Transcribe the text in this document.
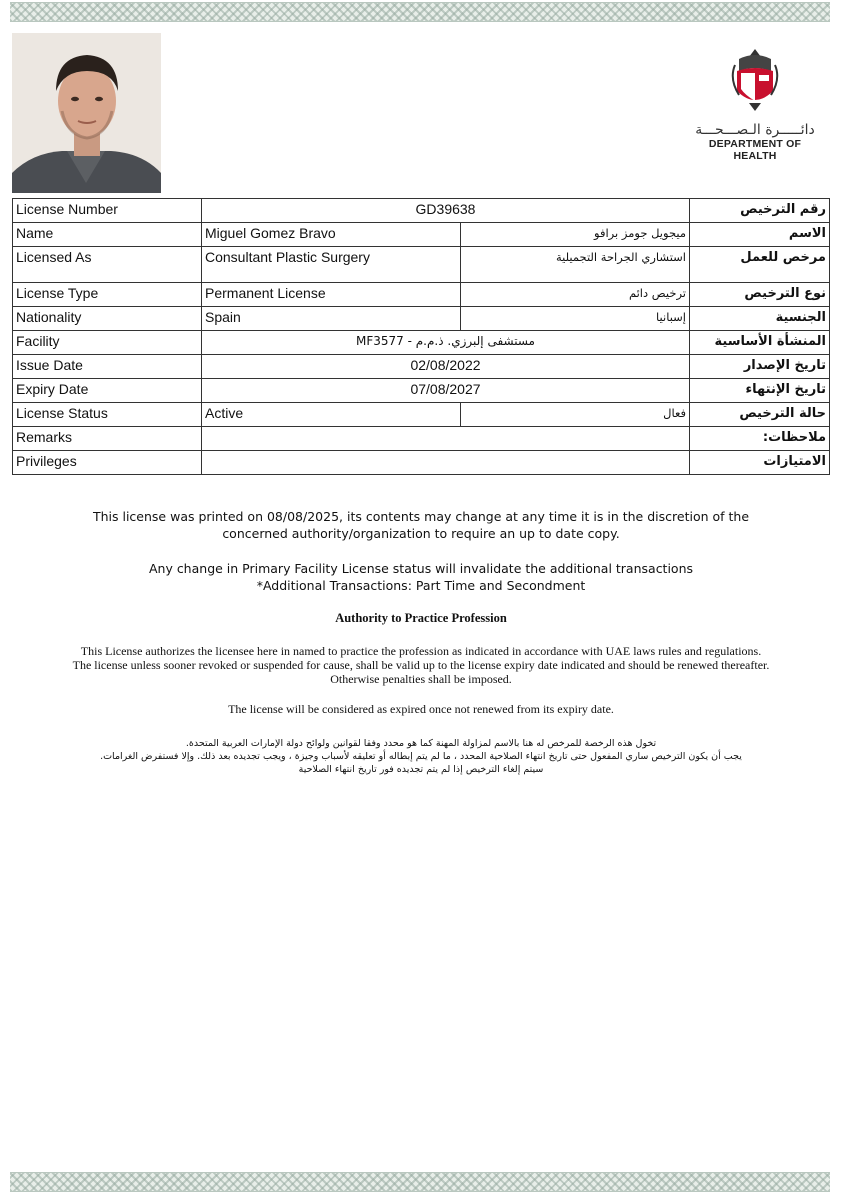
دائـــــرة الـصـــحـــة
DEPARTMENT OF HEALTH
License Number	GD39638		رقم الترخيص
Name	Miguel Gomez Bravo	ميجويل جومز برافو	الاسم
Licensed As	Consultant Plastic Surgery	استشاري الجراحة التجميلية	مرخص للعمل
License Type	Permanent License	ترخيص دائم	نوع الترخيص
Nationality	Spain	إسبانيا	الجنسية
Facility	مستشفى إلبرزي. ذ.م.م - MF3577		المنشأة الأساسية
Issue Date	02/08/2022		تاريخ الإصدار
Expiry Date	07/08/2027		تاريخ الإنتهاء
License Status	Active	فعال	حالة الترخيص
Remarks			ملاحظات:
Privileges			الامتيازات
This license was printed on 08/08/2025, its contents may change at any time it is in the discretion of the concerned authority/organization to require an up to date copy.
Any change in Primary Facility License status will invalidate the additional transactions
*Additional Transactions: Part Time and Secondment
Authority to Practice Profession
This License authorizes the licensee here in named to practice the profession as indicated in accordance with UAE laws rules and regulations.
The license unless sooner revoked or suspended for cause, shall be valid up to the license expiry date indicated and should be renewed thereafter.
Otherwise penalties shall be imposed.
The license will be considered as expired once not renewed from its expiry date.
تخول هذه الرخصة للمرخص له هنا بالاسم لمزاولة المهنة كما هو محدد وفقا لقوانين ولوائح دولة الإمارات العربية المتحدة.
يجب أن يكون الترخيص ساري المفعول حتى تاريخ انتهاء الصلاحية المحدد ، ما لم يتم إبطاله أو تعليقه لأسباب وجيزة ، ويجب تجديده بعد ذلك. وإلا فستفرض الغرامات.
سيتم إلغاء الترخيص إذا لم يتم تجديده فور تاريخ انتهاء الصلاحية
